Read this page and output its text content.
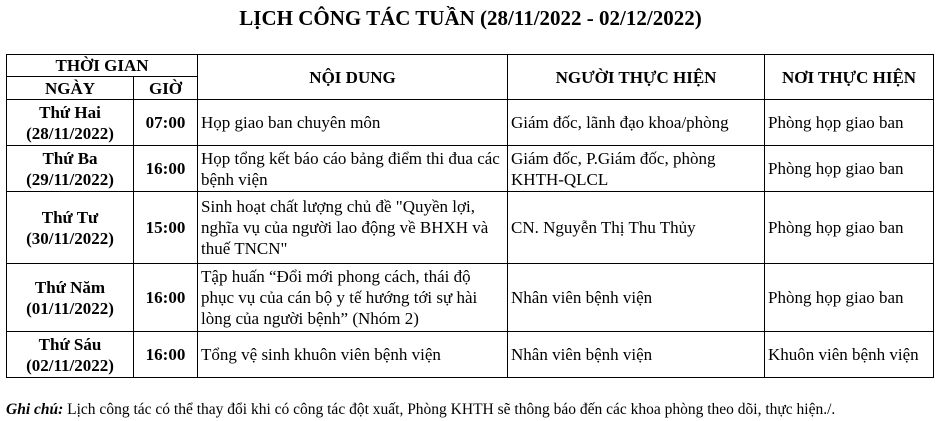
LỊCH CÔNG TÁC TUẦN (28/11/2022 - 02/12/2022)
THỜI GIAN		NỘI DUNG	NGƯỜI THỰC HIỆN	NƠI THỰC HIỆN
NGÀY	GIỜ			

Thứ Hai
(28/11/2022)	07:00	Họp giao ban chuyên môn	Giám đốc, lãnh đạo khoa/phòng	Phòng họp giao ban

Thứ Ba
(29/11/2022)	16:00	Họp tổng kết báo cáo bảng điểm thi đua các bệnh viện	Giám đốc, P.Giám đốc, phòng KHTH-QLCL	Phòng họp giao ban

Thứ Tư
(30/11/2022)	15:00	Sinh hoạt chất lượng chủ đề "Quyền lợi, nghĩa vụ của người lao động về BHXH và thuế TNCN"	CN. Nguyễn Thị Thu Thủy	Phòng họp giao ban

Thứ Năm
(01/11/2022)	16:00	Tập huấn “Đổi mới phong cách, thái độ phục vụ của cán bộ y tế hướng tới sự hài lòng của người bệnh” (Nhóm 2)	Nhân viên bệnh viện	Phòng họp giao ban

Thứ Sáu
(02/11/2022)	16:00	Tổng vệ sinh khuôn viên bệnh viện	Nhân viên bệnh viện	Khuôn viên bệnh viện

Ghi chú: Lịch công tác có thể thay đổi khi có công tác đột xuất, Phòng KHTH sẽ thông báo đến các khoa phòng theo dõi, thực hiện./.
